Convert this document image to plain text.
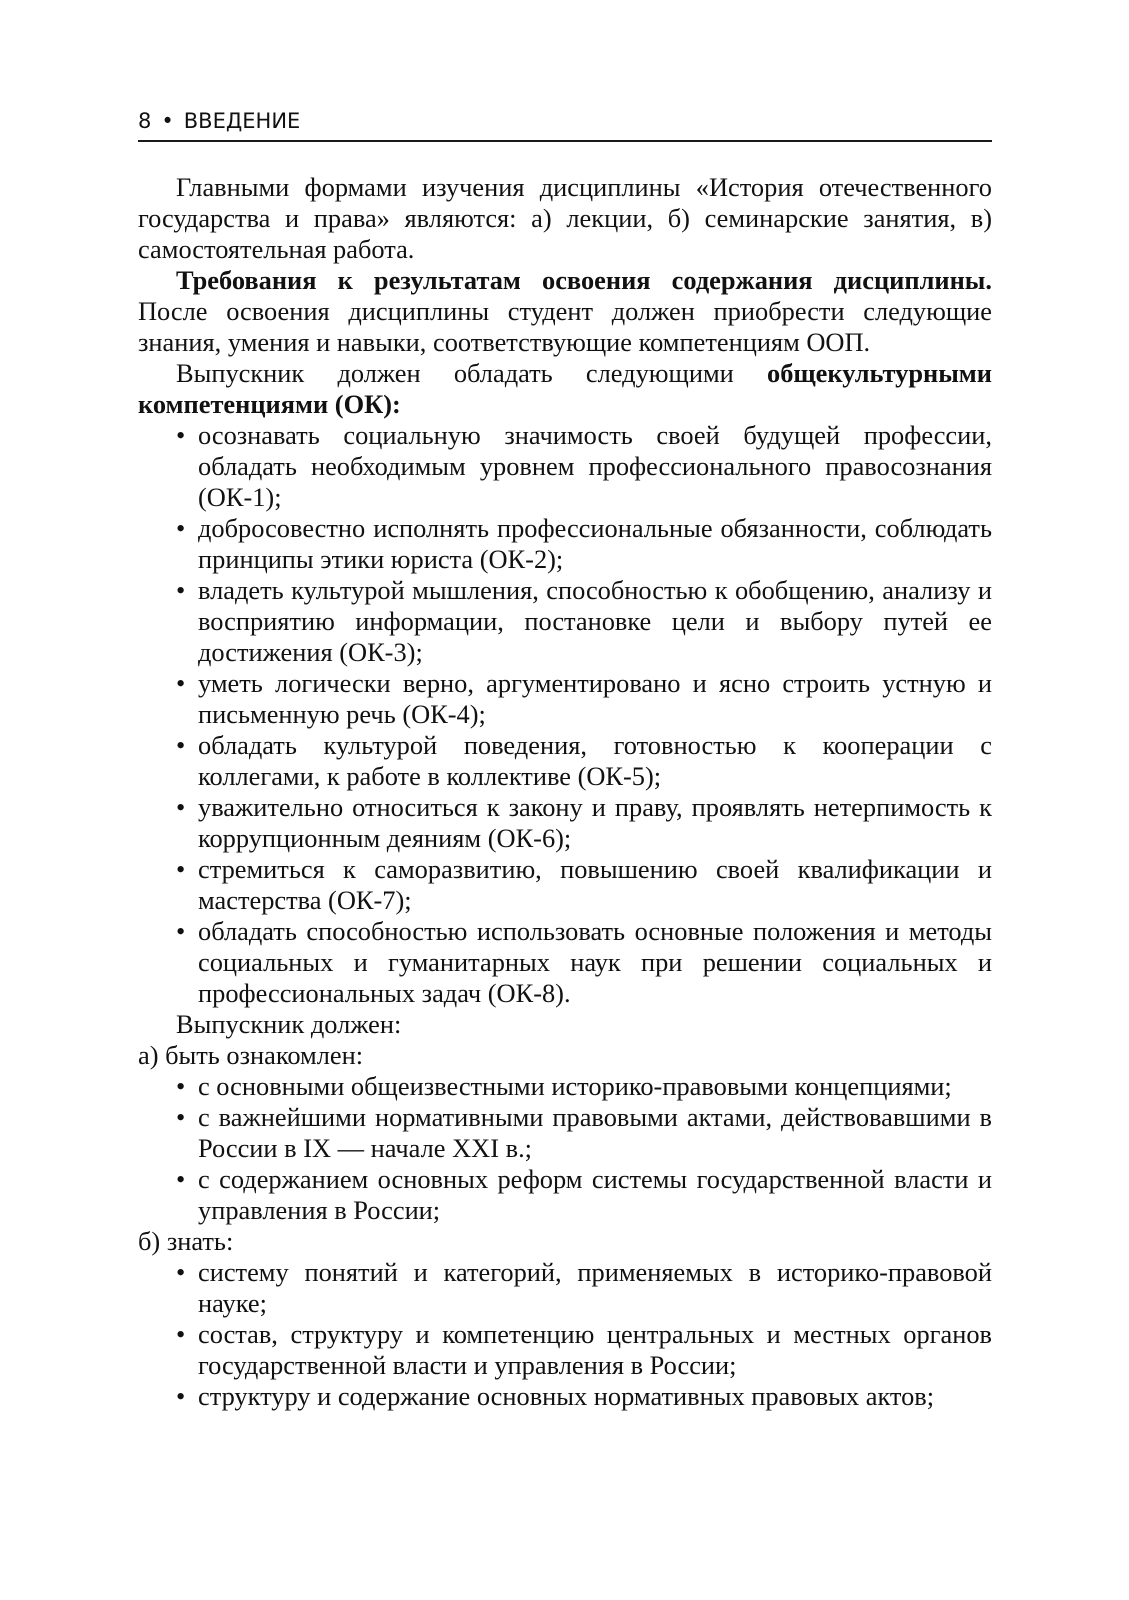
8 • ВВЕДЕНИЕ

Главными формами изучения дисциплины «История отечественного государства и права» являются: а) лекции, б) семинарские занятия, в) самостоятельная работа.

Требования к результатам освоения содержания дисциплины. После освоения дисциплины студент должен приобрести следующие знания, умения и навыки, соответствующие компетенциям ООП.

Выпускник должен обладать следующими общекультурными компетенциями (ОК):

• осознавать социальную значимость своей будущей профессии, обладать необходимым уровнем профессионального правосознания (ОК-1);
• добросовестно исполнять профессиональные обязанности, соблюдать принципы этики юриста (ОК-2);
• владеть культурой мышления, способностью к обобщению, анализу и восприятию информации, постановке цели и выбору путей ее достижения (ОК-3);
• уметь логически верно, аргументировано и ясно строить устную и письменную речь (ОК-4);
• обладать культурой поведения, готовностью к кооперации с коллегами, к работе в коллективе (ОК-5);
• уважительно относиться к закону и праву, проявлять нетерпимость к коррупционным деяниям (ОК-6);
• стремиться к саморазвитию, повышению своей квалификации и мастерства (ОК-7);
• обладать способностью использовать основные положения и методы социальных и гуманитарных наук при решении социальных и профессиональных задач (ОК-8).

Выпускник должен:

а) быть ознакомлен:

• с основными общеизвестными историко-правовыми концепциями;
• с важнейшими нормативными правовыми актами, действовавшими в России в IX — начале XXI в.;
• с содержанием основных реформ системы государственной власти и управления в России;

б) знать:

• систему понятий и категорий, применяемых в историко-правовой науке;
• состав, структуру и компетенцию центральных и местных органов государственной власти и управления в России;
• структуру и содержание основных нормативных правовых актов;
